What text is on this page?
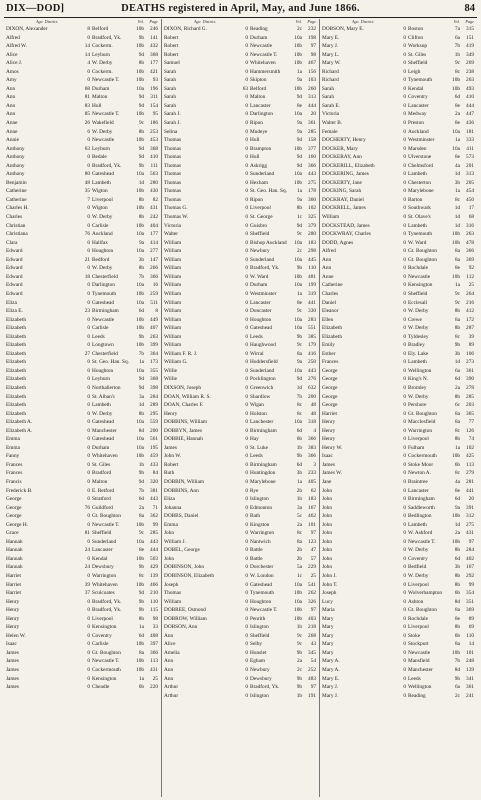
DIX—DOD]	DEATHS registered in April, May, and June 1866.	84
Age. District.	Vol.	Page
DIXON, Alexander	8 Belford	10b	246
Alfred	0 Bradford, Yk.	9b	141
Alfred W.	14 Cockerm.	10b	432
Alice	14 Leyburn	9d	368
Alice J.	4 W. Derby	8b	177
Amos	0 Cockerm.	10b	421
Amy	0 Newcastle T.	10b	93
Ann	68 Durham	10a	196
Ann	81 Malton	9d	311
Ann	83 Hull	9d	154
Ann	85 Newcastle T.	10b	95
Anne	26 Wakefield	9c	186
Anne	6 W. Derby	8b	253
Annie	0 Newcastle	10b	453
Anthony	63 Leyburn	9d	368
Anthony	0 Bedale	9d	410
Anthony	0 Bradford, Yk.	9b	111
Anthony	80 Gateshead	10a	563
Benjamin	48 Lambeth	1d	280
Catherine	35 Wigton	10b	430
Catherine	7 Liverpool	8b	82
Charles H.	0 Wigton	10b	431
Charles	0 W. Derby	8b	242
Christian	0 Carlisle	10b	404
Christiana	76 Auckland	10a	177
Clara	0 Halifax	9a	414
Edward	0 Houghton	10a	277
Edward	21 Bedford	3b	147
Edward	0 W. Derby	8b	266
Edward	18 Chesterfield	7b	366
Edward	0 Darlington	10a	16
Edward	0 Tynemouth	10b	259
Eliza	0 Gateshead	10a	511
Eliza E.	23 Birmingham	6d	8
Elizabeth	0 Newcastle	10b	449
Elizabeth	0 Carlisle	10b	407
Elizabeth	0 Leeds	9b	263
Elizabeth	0 Longtown	10b	399
Elizabeth	27 Chesterfield	7b	364
Elizabeth	0 St. Geo. Han. Sq.	1a	173
Elizabeth	0 Houghton	10a	355
Elizabeth	0 Leyburn	9d	368
Elizabeth	0 Northallerton	9d	398
Elizabeth	0 St. Alban's	3a	284
Elizabeth	0 Lambeth	1d	289
Elizabeth	0 W. Derby	8b	295
Elizabeth A.	0 Gateshead	10a	559
Elizabeth A.	0 Manchester	8d	200
Emma	0 Gateshead	10a	561
Emma	0 Durham	10a	195
Fanny	0 Whitehaven	10b	459
Frances	0 St. Giles	1b	433
Frances	0 Bradford	9b	84
Francis	0 Malton	9d	320
Frederick B.	0 E. Retford	7b	381
George	0 Stratford	6d	443
George	76 Guildford	2a	71
George	0 Gt. Boughton	8a	362
George H.	0 Newcastle T.	10b	99
Grace	81 Sheffield	9c	285
Hannah	0 Sunderland	10a	443
Hannah	24 Lancaster	8e	444
Hannah	0 Kendal	10b	503
Hannah	24 Dewsbury	9b	429
Harriet	0 Warrington	8c	139
Harriet	39 Whitehaven	10b	466
Harriet	37 Sculcoates	9d	210
Henry	0 Bradford, Yk.	9b	110
Henry	0 Bradford, Yk.	9b	115
Henry	0 Liverpool	8b	98
Henry	0 Kensington	1a	33
Helen W.	0 Coventry	6d	408
Isaac	0 Carlisle	10b	397
James	0 Gt. Boughton	8a	366
James	0 Newcastle T.	10b	113
James	0 Cockermouth	10b	431
James	0 Kensington	1a	25
James	0 Cheadle	6b	220
Age. District.	Vol.	Page
DIXON, Richard G.	0 Reading	2c	232
Robert	0 Durham	10a	198
Robert	0 Newcastle	10b	97
Robert	0 Newcastle T.	10b	98
Samuel	0 Whitehaven	10b	467
Sarah	0 Hammersmith	1a	156
Sarah	0 Skipton	9a	103
Sarah	63 Belford	10b	260
Sarah	0 Malton	9d	313
Sarah	0 Lancaster	8e	444
Sarah J.	0 Darlington	10a	20
Sarah J.	0 Ripon	9a	361
Selina	0 Mudeye	9a	285
Thomas	0 Hull	9d	158
Thomas	0 Brampton	10b	377
Thomas	0 Hull	9d	160
Thomas	0 Askrigg	9d	366
Thomas	0 Sunderland	10a	443
Thomas	0 Hexham	10b	275
Thomas	0 St. Geo. Han. Sq.	1a	178
Thomas	0 Ripon	9a	360
Thomas G.	0 Liverpool	8b	102
Thomas W.	0 St. George	1c	325
Victoria	0 Guisbro	9d	379
Walter	0 Sheffield	9c	280
William	0 Bishop Auckland	10a	183
William	0 Newbury	2c	298
William	0 Sunderland	10a	445
William	0 Bradford, Yk.	9b	110
William	0 W. Ward	10b	481
William	0 Durham	10a	199
William	0 Westminster	1a	319
William	0 Lancaster	8e	441
William	0 Doncaster	9c	330
William	0 Houghton	10a	283
William	0 Gateshead	10a	551
William	0 Leeds	9b	385
William	0 Haughwood	9c	179
William F. R. J.	0 Wirral	8a	416
William G.	0 Huddersfield	9a	250
Willie	0 Sunderland	10a	443
Willie	0 Pocklington	9d	276
DIXSON, Joseph	0 Greenwich	1d	632
DOAN, William R. S.	0 Shardlow	7b	200
DOAN, Charles F.	0 Wigan	8c	48
Henry	0 Holston	8c	48
DOBBINS, William	0 Lanchester	10a	318
DOBBYN, James	0 Birmingham	6d	4
DOBBIE, Hannah	0 Hay	6b	366
James	0 St. Luke	1b	383
John W.	0 Leeds	9b	366
Robert	0 Birmingham	6d	3
Ruth	0 Huntingdon	3b	233
DOBBIN, William	0 Marylebone	1a	405
DOBBINS, Ann	0 Rye	2b	62
Eliza	0 Islington	1b	183
Johanna	0 Edmonton	3a	167
DOBBS, Daniel	0 Bath	5c	462
Emma	0 Kingston	2a	101
John	0 Warrington	8c	97
William J.	0 Nantwich	8a	123
DOBEL, George	0 Battle	2b	47
John	0 Battle	2b	57
DOBINSON, John	0 Dorchester	5a	229
DOBINSON, Elizabeth	0 W. London	1c	25
Joseph	0 Gateshead	10a	541
Thomas	0 Tynemouth	10b	262
William	0 Houghton	10a	326
DOBREE, Osmond	0 Newcastle T.	10b	97
DOBROW, William	0 Penrith	10b	403
DOBSON, Ann	0 Islington	1b	218
Ann	0 Sheffield	9c	268
Alice	0 Selby	9c	43
Amelia	0 Hunslet	9b	345
Ann	0 Egham	2a	54
Ann	0 Newbury	2c	252
Ann	0 Dewsbury	9b	483
Arthur	0 Bradford, Yk.	9b	97
Arthur	0 Islington	1b	191
Age. District.	Vol.	Page
DOBSON, Mary E.	0 Boston	7a	315
Mary E.	0 Clifton	6a	151
Mary J.	0 Worksop	7b	419
Mary L.	0 St. Giles	1b	349
Mary W.	0 Sheffield	9c	269
Richard	0 Leigh	8c	238
Richard	0 Tynemouth	10b	263
Sarah	0 Kendal	10b	493
Sarah	0 Coventry	6d	410
Sarah E.	0 Lancaster	8e	444
Victoria	0 Medway	2a	447
Walter B.	0 Preston	8e	436
Female	0 Auckland	10a	181
DOCHERTY, Henry	0 Westminster	1a	333
DOCKER, Mary	0 Marsden	10a	411
DOCKERAY, Ann	0 Ulverstone	8e	573
DOCKERILL, Elizabeth	0 Chelmsford	4a	201
DOCKERING, James	0 Lambeth	1d	313
DOCKERTY, Jane	0 Chesterton	3b	205
DOCKING, Sarah	0 Marylebone	1a	454
DOCKRAY, Daniel	0 Barton	8c	450
DOCKRELL, James	0 Southwark	1d	17
William	0 St. Olave's	1d	68
DOCKSTEAD, James	0 Lambeth	1d	316
DOCKWRAY, Charles	0 Tynemouth	10b	263
DODD, Agnes	0 W. Ward	10b	478
Alfred	0 Gt. Boughton	8a	366
Ann	0 Gt. Boughton	8a	369
Ann	0 Rochdale	8e	92
Anne	0 Newcastle	10b	112
Catherine	0 Kensington	1a	25
Charles	0 Sheffield	9c	264
Daniel	0 Ecclesall	9c	216
Eleanor	0 W. Derby	8b	412
Ellen	0 Crewe	8a	172
Elizabeth	0 W. Derby	8b	287
Elizabeth	0 Tyldesley	8c	39
Emily	0 Bradley	9b	89
Esther	0 Ely. Lake	3b	106
Frances	0 Lambeth	1d	273
George	0 Wellington	6a	361
George	0 King's N.	6d	390
George	0 Bromley	2a	278
George	0 W. Derby	8b	285
George	0 Pershore	6c	203
Harriet	0 Gt. Boughton	8a	365
Henry	0 Macclesfield	8a	77
Henry	0 Warrington	8c	126
Henry	0 Liverpool	8b	74
Henry W.	0 Fulham	1a	102
Isaac	0 Cockermouth	10b	425
James	0 Stoke Moor	6b	113
James W.	0 Newton A.	8c	279
Jane	0 Braintree	4a	281
John	0 Lancaster	8e	441
John	0 Birmingham	6d	20
John	0 Saddleworth	9a	391
John	0 Bedlington	10b	312
John	0 Lambeth	1d	275
John	0 W. Ashford	2a	431
John	0 Newcastle T.	10b	97
John	0 W. Derby	8b	284
John	0 Coventry	6d	402
John	0 Bedfield	3b	167
John J.	0 W. Derby	8b	292
John T.	0 Liverpool	8b	99
Joseph	0 Wolverhampton	6b	354
Lucy	0 Ashton	8d	351
Maria	0 Gt. Boughton	8a	369
Mary	0 Rochdale	8e	89
Mary	0 Liverpool	8b	69
Mary	0 Stoke	6b	110
Mary	0 Stockport	8a	14
Mary	0 Newcastle	10b	101
Mary A.	0 Mansfield	7b	248
Mary A.	0 Manchester	8d	139
Mary E.	0 Leeds	9b	341
Mary J.	0 Wellington	6a	361
Mary J.	0 Reading	2c	241
